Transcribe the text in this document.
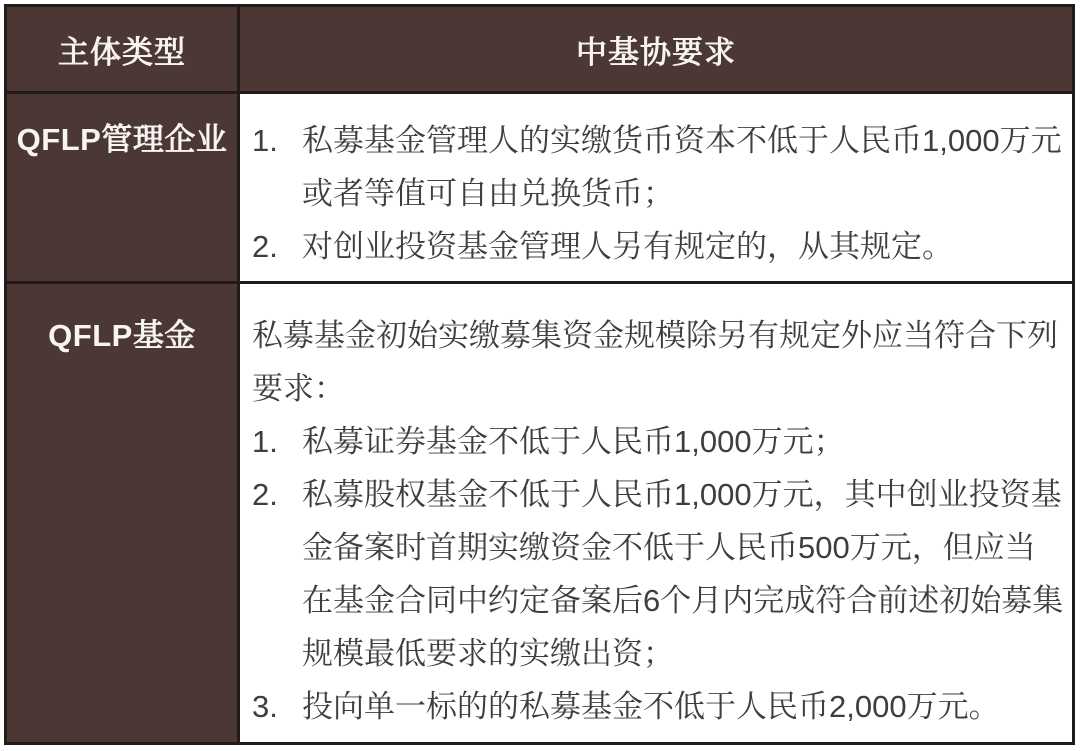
主体类型	中基协要求
QFLP管理企业	1. 私募基金管理人的实缴货币资本不低于人民币1,000万元或者等值可自由兑换货币；
2. 对创业投资基金管理人另有规定的，从其规定。

QFLP基金	私募基金初始实缴募集资金规模除另有规定外应当符合下列要求：
1. 私募证券基金不低于人民币1,000万元；
2. 私募股权基金不低于人民币1,000万元，其中创业投资基金备案时首期实缴资金不低于人民币500万元，但应当在基金合同中约定备案后6个月内完成符合前述初始募集规模最低要求的实缴出资；
3. 投向单一标的的私募基金不低于人民币2,000万元。
